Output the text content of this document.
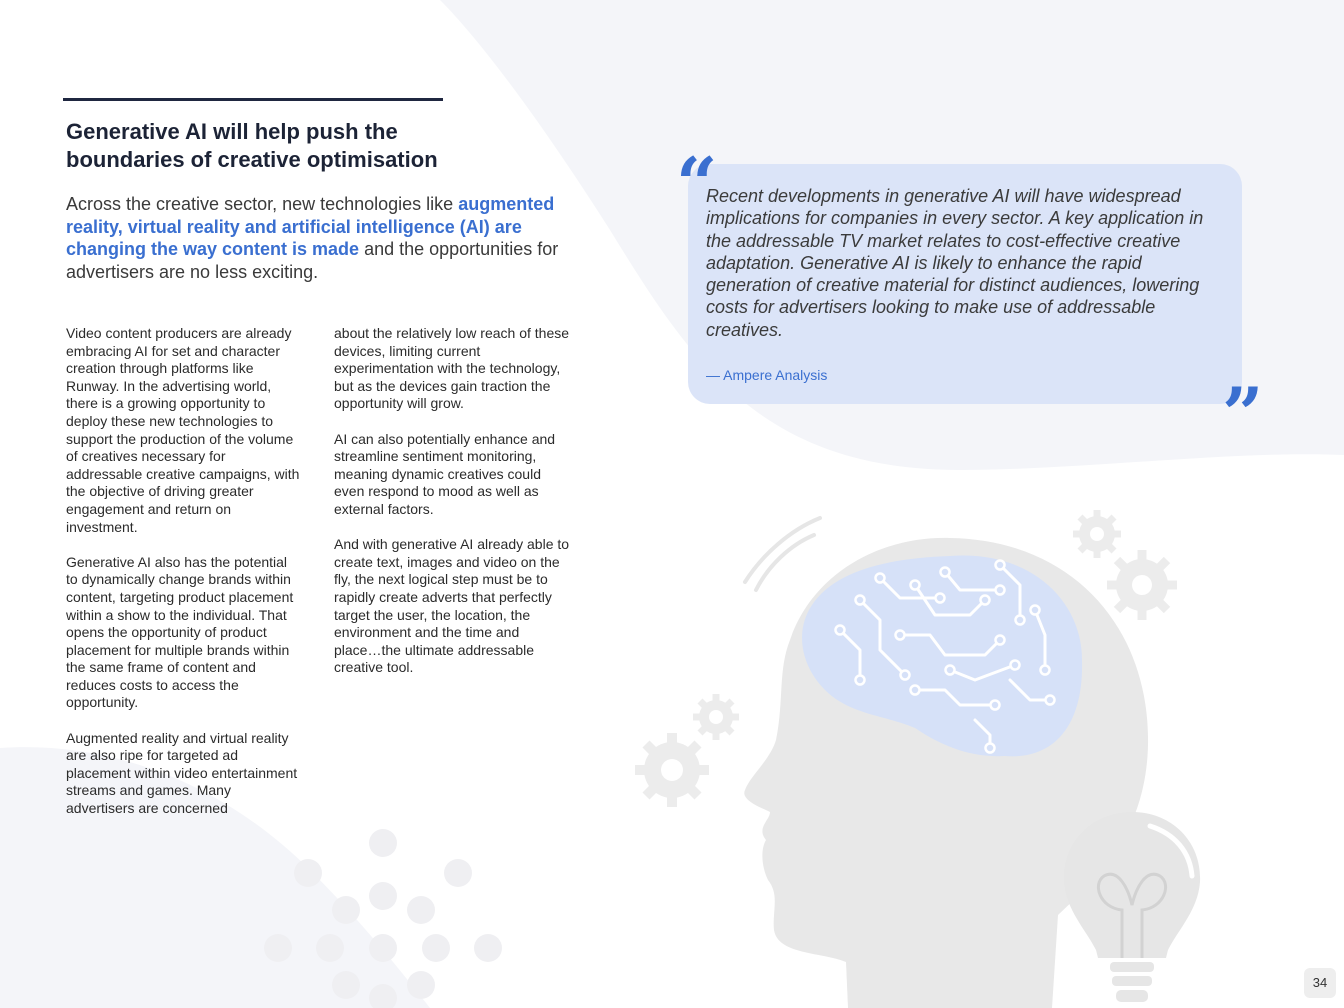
Generative AI will help push the
boundaries of creative optimisation

Across the creative sector, new technologies like augmented reality, virtual reality and artificial intelligence (AI) are changing the way content is made and the opportunities for advertisers are no less exciting.

Video content producers are already embracing AI for set and character creation through platforms like Runway. In the advertising world, there is a growing opportunity to deploy these new technologies to support the production of the volume of creatives necessary for addressable creative campaigns, with the objective of driving greater engagement and return on investment.

Generative AI also has the potential to dynamically change brands within content, targeting product placement within a show to the individual. That opens the opportunity of product placement for multiple brands within the same frame of content and reduces costs to access the opportunity.

Augmented reality and virtual reality are also ripe for targeted ad placement within video entertainment streams and games. Many advertisers are concerned

about the relatively low reach of these devices, limiting current experimentation with the technology, but as the devices gain traction the opportunity will grow.

AI can also potentially enhance and streamline sentiment monitoring, meaning dynamic creatives could even respond to mood as well as external factors.

And with generative AI already able to create text, images and video on the fly, the next logical step must be to rapidly create adverts that perfectly target the user, the location, the environment and the time and place…the ultimate addressable creative tool.

“

Recent developments in generative AI will have widespread implications for companies in every sector. A key application in the addressable TV market relates to cost-effective creative adaptation. Generative AI is likely to enhance the rapid generation of creative material for distinct audiences, lowering costs for advertisers looking to make use of addressable creatives.

— Ampere Analysis	”
34
